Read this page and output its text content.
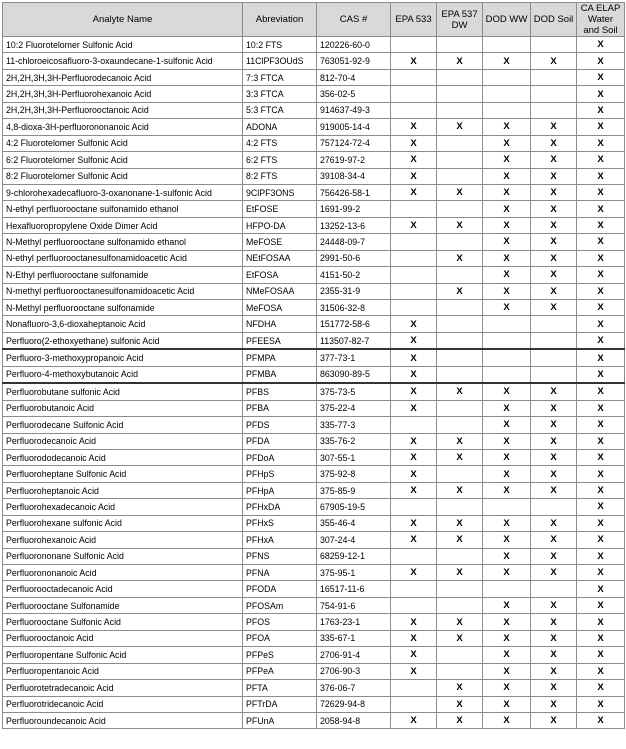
Analyte Name	Abreviation	CAS #	EPA 533	EPA 537 DW	DOD WW	DOD Soil	CA ELAP Water and Soil
10:2 Fluorotelomer Sulfonic Acid	10:2 FTS	120226-60-0					X
11-chloroeicosafluoro-3-oxaundecane-1-sulfonic Acid	11ClPF3OUdS	763051-92-9	X	X	X	X	X
2H,2H,3H,3H-Perfluorodecanoic Acid	7:3 FTCA	812-70-4					X
2H,2H,3H,3H-Perfluorohexanoic Acid	3:3 FTCA	356-02-5					X
2H,2H,3H,3H-Perfluorooctanoic Acid	5:3 FTCA	914637-49-3					X
4,8-dioxa-3H-perfluorononanoic Acid	ADONA	919005-14-4	X	X	X	X	X
4:2 Fluorotelomer Sulfonic Acid	4:2 FTS	757124-72-4	X		X	X	X
6:2 Fluorotelomer Sulfonic Acid	6:2 FTS	27619-97-2	X		X	X	X
8:2 Fluorotelomer Sulfonic Acid	8:2 FTS	39108-34-4	X		X	X	X
9-chlorohexadecafluoro-3-oxanonane-1-sulfonic Acid	9ClPF3ONS	756426-58-1	X	X	X	X	X
N-ethyl perfluorooctane sulfonamido ethanol	EtFOSE	1691-99-2			X	X	X
Hexafluoropropylene Oxide Dimer Acid	HFPO-DA	13252-13-6	X	X	X	X	X
N-Methyl perfluorooctane sulfonamido ethanol	MeFOSE	24448-09-7			X	X	X
N-ethyl perfluorooctanesulfonamidoacetic Acid	NEtFOSAA	2991-50-6		X	X	X	X
N-Ethyl perfluorooctane sulfonamide	EtFOSA	4151-50-2			X	X	X
N-methyl perfluorooctanesulfonamidoacetic Acid	NMeFOSAA	2355-31-9		X	X	X	X
N-Methyl perfluorooctane sulfonamide	MeFOSA	31506-32-8			X	X	X
Nonafluoro-3,6-dioxaheptanoic Acid	NFDHA	151772-58-6	X				X
Perfluoro(2-ethoxyethane) sulfonic Acid	PFEESA	113507-82-7	X				X
Perfluoro-3-methoxypropanoic Acid	PFMPA	377-73-1	X				X
Perfluoro-4-methoxybutanoic Acid	PFMBA	863090-89-5	X				X
Perfluorobutane sulfonic Acid	PFBS	375-73-5	X	X	X	X	X
Perfluorobutanoic Acid	PFBA	375-22-4	X		X	X	X
Perfluorodecane Sulfonic Acid	PFDS	335-77-3			X	X	X
Perfluorodecanoic Acid	PFDA	335-76-2	X	X	X	X	X
Perfluorododecanoic Acid	PFDoA	307-55-1	X	X	X	X	X
Perfluoroheptane Sulfonic Acid	PFHpS	375-92-8	X		X	X	X
Perfluoroheptanoic Acid	PFHpA	375-85-9	X	X	X	X	X
Perfluorohexadecanoic Acid	PFHxDA	67905-19-5					X
Perfluorohexane sulfonic Acid	PFHxS	355-46-4	X	X	X	X	X
Perfluorohexanoic Acid	PFHxA	307-24-4	X	X	X	X	X
Perfluorononane Sulfonic Acid	PFNS	68259-12-1			X	X	X
Perfluorononanoic Acid	PFNA	375-95-1	X	X	X	X	X
Perfluorooctadecanoic Acid	PFODA	16517-11-6					X
Perfluorooctane Sulfonamide	PFOSAm	754-91-6			X	X	X
Perfluorooctane Sulfonic Acid	PFOS	1763-23-1	X	X	X	X	X
Perfluorooctanoic Acid	PFOA	335-67-1	X	X	X	X	X
Perfluoropentane Sulfonic Acid	PFPeS	2706-91-4	X		X	X	X
Perfluoropentanoic Acid	PFPeA	2706-90-3	X		X	X	X
Perfluorotetradecanoic Acid	PFTA	376-06-7		X	X	X	X
Perfluorotridecanoic Acid	PFTrDA	72629-94-8		X	X	X	X
Perfluoroundecanoic Acid	PFUnA	2058-94-8	X	X	X	X	X
